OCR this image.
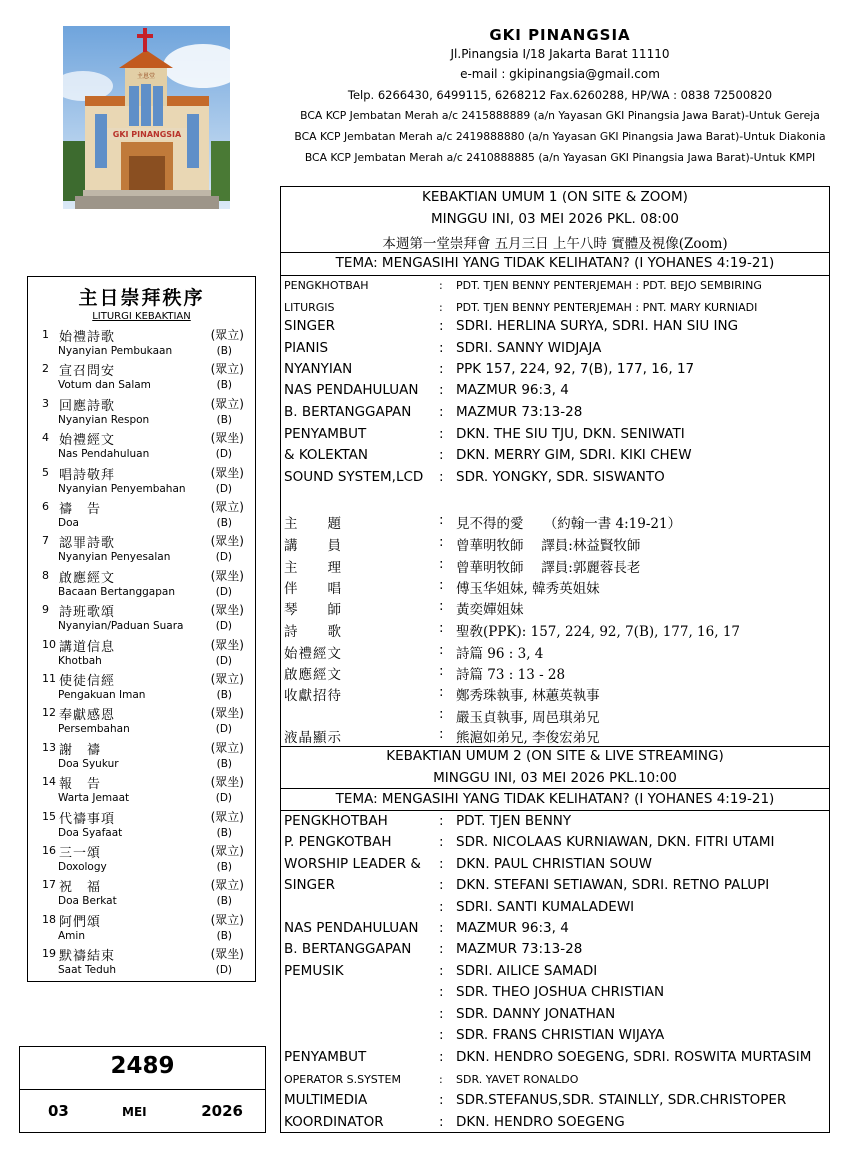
主恩堂
GKI PINANGSIA
GKI PINANGSIA
Jl.Pinangsia I/18 Jakarta Barat 11110
e-mail : gkipinangsia@gmail.com
Telp. 6266430, 6499115, 6268212 Fax.6260288, HP/WA : 0838 72500820
BCA KCP Jembatan Merah a/c 2415888889 (a/n Yayasan GKI Pinangsia Jawa Barat)-Untuk Gereja
BCA KCP Jembatan Merah a/c 2419888880 (a/n Yayasan GKI Pinangsia Jawa Barat)-Untuk Diakonia
BCA KCP Jembatan Merah a/c 2410888885 (a/n Yayasan GKI Pinangsia Jawa Barat)-Untuk KMPI
主日崇拜秩序
LITURGI KEBAKTIAN
1 始禮詩歌	(眾立)
Nyanyian Pembukaan	(B)
2 宣召問安	(眾立)
Votum dan Salam	(B)
3 回應詩歌	(眾立)
Nyanyian Respon	(B)
4 始禮經文	(眾坐)
Nas Pendahuluan	(D)
5 唱詩敬拜	(眾坐)
Nyanyian Penyembahan	(D)
6 禱　告	(眾立)
Doa	(B)
7 認罪詩歌	(眾坐)
Nyanyian Penyesalan	(D)
8 啟應經文	(眾坐)
Bacaan Bertanggapan	(D)
9 詩班歌頌	(眾坐)
Nyanyian/Paduan Suara	(D)
10 講道信息	(眾坐)
Khotbah	(D)
11 使徒信經	(眾立)
Pengakuan Iman	(B)
12 奉獻感恩	(眾坐)
Persembahan	(D)
13 謝　禱	(眾立)
Doa Syukur	(B)
14 報　告	(眾坐)
Warta Jemaat	(D)
15 代禱事項	(眾立)
Doa Syafaat	(B)
16 三一頌	(眾立)
Doxology	(B)
17 祝　福	(眾立)
Doa Berkat	(B)
18 阿們頌	(眾立)
Amin	(B)
19 默禱結束	(眾坐)
Saat Teduh	(D)
2489
03	MEI	2026
KEBAKTIAN UMUM 1 (ON SITE & ZOOM)
MINGGU INI, 03 MEI 2026 PKL. 08:00
本週第一堂崇拜會 五月三日 上午八時 實體及視像(Zoom)
TEMA: MENGASIHI YANG TIDAK KELIHATAN? (I YOHANES 4:19-21)
PENGKHOTBAH	: PDT. TJEN BENNY PENTERJEMAH : PDT. BEJO SEMBIRING
LITURGIS	: PDT. TJEN BENNY PENTERJEMAH : PNT. MARY KURNIADI
SINGER	: SDRI. HERLINA SURYA, SDRI. HAN SIU ING
PIANIS	: SDRI. SANNY WIDJAJA
NYANYIAN	: PPK 157, 224, 92, 7(B), 177, 16, 17
NAS PENDAHULUAN : MAZMUR 96:3, 4
B. BERTANGGAPAN : MAZMUR 73:13-28
PENYAMBUT	: DKN. THE SIU TJU, DKN. SENIWATI
& KOLEKTAN	: DKN. MERRY GIM, SDRI. KIKI CHEW
SOUND SYSTEM,LCD : SDR. YONGKY, SDR. SISWANTO
主　　題	: 見不得的愛　　（約翰一書 4:19-21）
講　　員	: 曾華明牧師　 譯員:林益賢牧師
主　　理	: 曾華明牧師　 譯員:郭麗蓉長老
伴　　唱	: 傅玉华姐妹, 韓秀英姐妹
琴　　師	: 黃奕嬋姐妹
詩　　歌	: 聖敎(PPK): 157, 224, 92, 7(B), 177, 16, 17
始禮經文	: 詩篇 96 : 3, 4
啟應經文	: 詩篇 73 : 13 - 28
收獻招待	: 鄭秀珠執事, 林蕙英執事
: 嚴玉貞執事, 周邑琪弟兄
液晶顯示	: 熊滬如弟兄, 李俊宏弟兄
KEBAKTIAN UMUM 2 (ON SITE & LIVE STREAMING)
MINGGU INI, 03 MEI 2026 PKL.10:00
TEMA: MENGASIHI YANG TIDAK KELIHATAN? (I YOHANES 4:19-21)
PENGKHOTBAH	: PDT. TJEN BENNY
P. PENGKOTBAH	: SDR. NICOLAAS KURNIAWAN, DKN. FITRI UTAMI
WORSHIP LEADER & : DKN. PAUL CHRISTIAN SOUW
SINGER	: DKN. STEFANI SETIAWAN, SDRI. RETNO PALUPI
: SDRI. SANTI KUMALADEWI
NAS PENDAHULUAN : MAZMUR 96:3, 4
B. BERTANGGAPAN : MAZMUR 73:13-28
PEMUSIK	: SDRI. AILICE SAMADI
: SDR. THEO JOSHUA CHRISTIAN
: SDR. DANNY JONATHAN
: SDR. FRANS CHRISTIAN WIJAYA
PENYAMBUT	: DKN. HENDRO SOEGENG, SDRI. ROSWITA MURTASIM
OPERATOR S.SYSTEM	: SDR. YAVET RONALDO
MULTIMEDIA	: SDR.STEFANUS,SDR. STAINLLY, SDR.CHRISTOPER
KOORDINATOR	: DKN. HENDRO SOEGENG
